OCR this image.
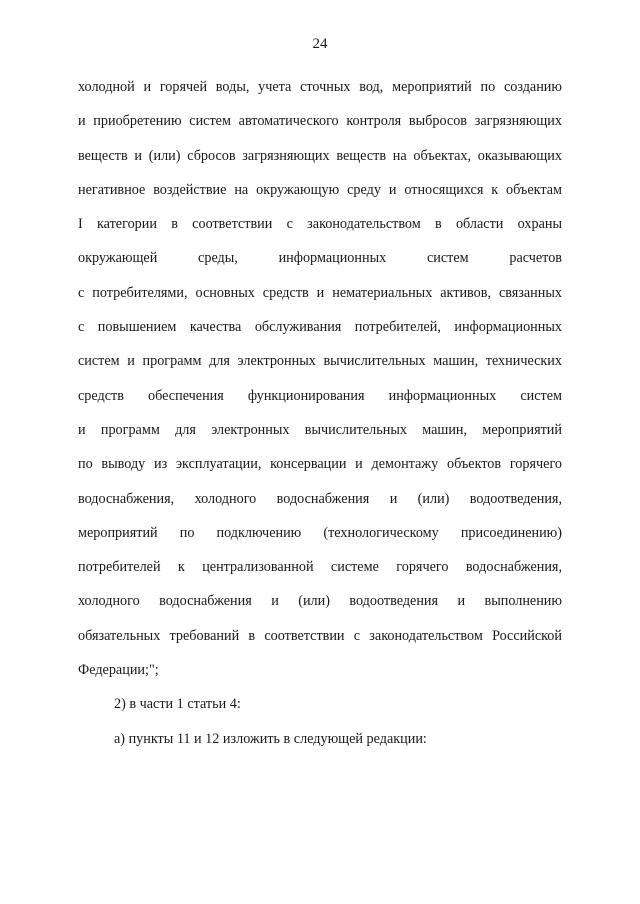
24
холодной и горячей воды, учета сточных вод, мероприятий по созданию
и приобретению систем автоматического контроля выбросов загрязняющих
веществ и (или) сбросов загрязняющих веществ на объектах, оказывающих
негативное воздействие на окружающую среду и относящихся к объектам
I категории в соответствии с законодательством в области охраны
окружающей среды, информационных систем расчетов
с потребителями, основных средств и нематериальных активов, связанных
с повышением качества обслуживания потребителей, информационных
систем и программ для электронных вычислительных машин, технических
средств обеспечения функционирования информационных систем
и программ для электронных вычислительных машин, мероприятий
по выводу из эксплуатации, консервации и демонтажу объектов горячего
водоснабжения, холодного водоснабжения и (или) водоотведения,
мероприятий по подключению (технологическому присоединению)
потребителей к централизованной системе горячего водоснабжения,
холодного водоснабжения и (или) водоотведения и выполнению
обязательных требований в соответствии с законодательством Российской
Федерации;";
2) в части 1 статьи 4:
а) пункты 11 и 12 изложить в следующей редакции:
